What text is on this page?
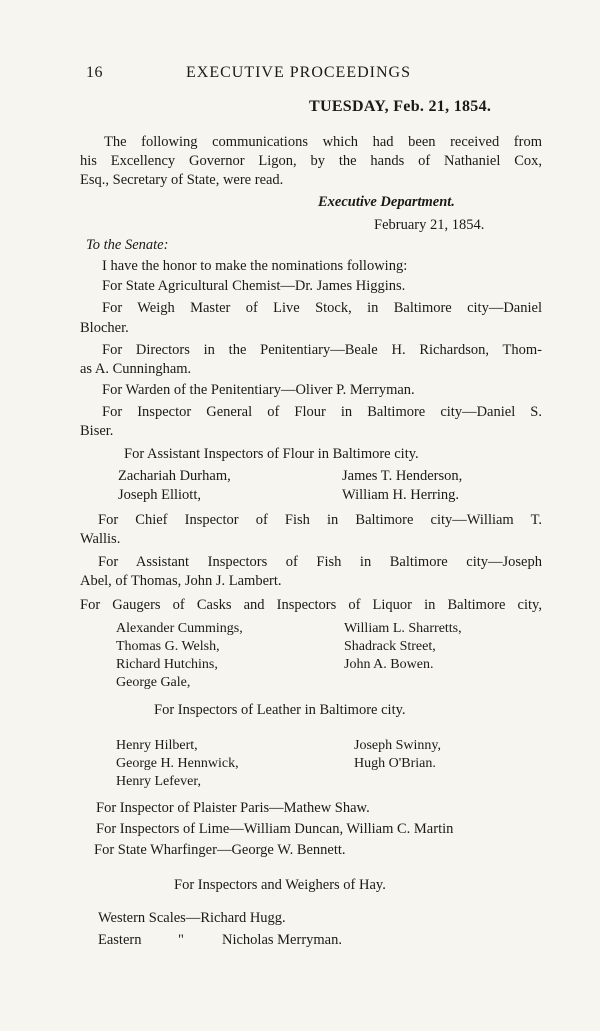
16	EXECUTIVE PROCEEDINGS
TUESDAY, Feb. 21, 1854.
The following communications which had been received from
his Excellency Governor Ligon, by the hands of Nathaniel Cox,
Esq., Secretary of State, were read.
Executive Department.
February 21, 1854.
To the Senate:
I have the honor to make the nominations following:
For State Agricultural Chemist—Dr. James Higgins.
For Weigh Master of Live Stock, in Baltimore city—Daniel
Blocher.
For Directors in the Penitentiary—Beale H. Richardson, Thom-
as A. Cunningham.
For Warden of the Penitentiary—Oliver P. Merryman.
For Inspector General of Flour in Baltimore city—Daniel S.
Biser.
For Assistant Inspectors of Flour in Baltimore city.
Zachariah Durham,
Joseph Elliott,
James T. Henderson,
William H. Herring.
For Chief Inspector of Fish in Baltimore city—William T.
Wallis.
For Assistant Inspectors of Fish in Baltimore city—Joseph
Abel, of Thomas, John J. Lambert.
For Gaugers of Casks and Inspectors of Liquor in Baltimore city,
Alexander Cummings,
Thomas G. Welsh,
Richard Hutchins,
George Gale,
William L. Sharretts,
Shadrack Street,
John A. Bowen.
For Inspectors of Leather in Baltimore city.
Henry Hilbert,
George H. Hennwick,
Henry Lefever,
Joseph Swinny,
Hugh O'Brian.
For Inspector of Plaister Paris—Mathew Shaw.
For Inspectors of Lime—William Duncan, William C. Martin
For State Wharfinger—George W. Bennett.
For Inspectors and Weighers of Hay.
Western Scales—Richard Hugg.
Eastern	"	Nicholas Merryman.
